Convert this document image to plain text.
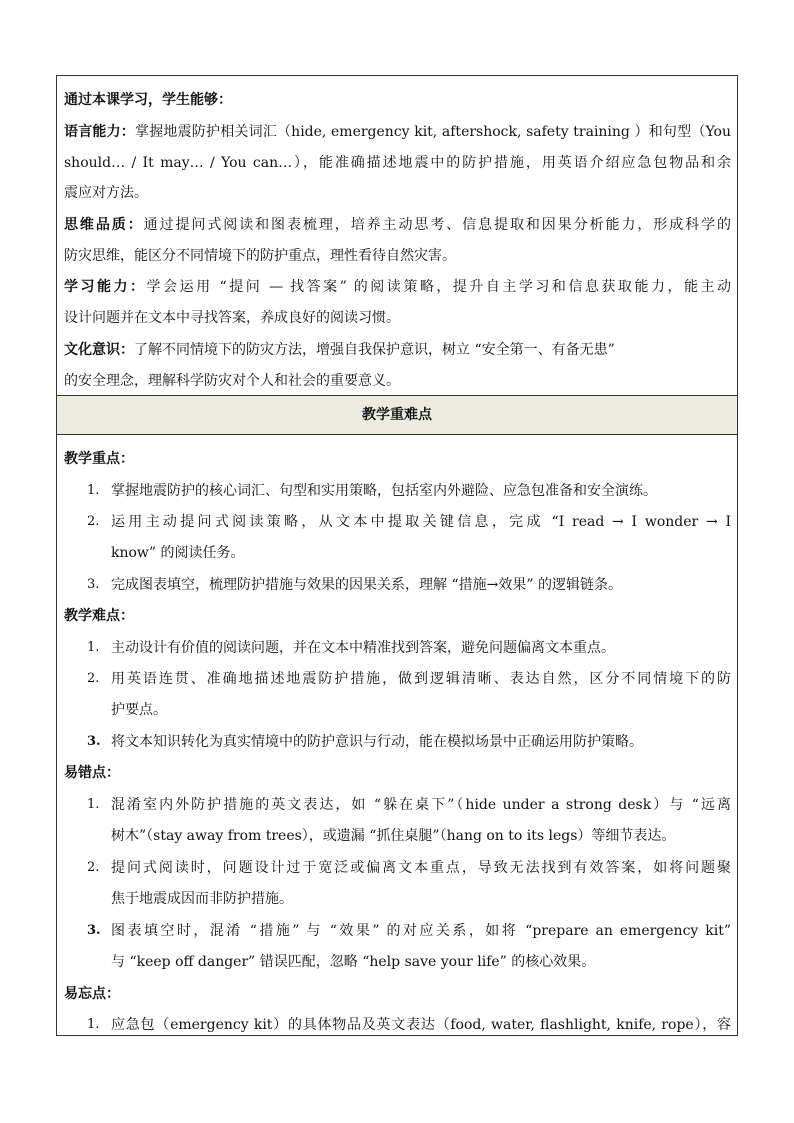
通过本课学习，学生能够：
语言能力：掌握地震防护相关词汇（hide, emergency kit, aftershock, safety training ）和句型（You
should… / It may… / You can…），能准确描述地震中的防护措施，用英语介绍应急包物品和余
震应对方法。
思维品质：通过提问式阅读和图表梳理，培养主动思考、信息提取和因果分析能力，形成科学的
防灾思维，能区分不同情境下的防护重点，理性看待自然灾害。
学习能力：学会运用 “提问 — 找答案” 的阅读策略，提升自主学习和信息获取能力，能主动
设计问题并在文本中寻找答案，养成良好的阅读习惯。
文化意识：了解不同情境下的防灾方法，增强自我保护意识，树立 “安全第一、有备无患”
的安全理念，理解科学防灾对个人和社会的重要意义。
教学重难点
教学重点：
1. 掌握地震防护的核心词汇、句型和实用策略，包括室内外避险、应急包准备和安全演练。
2. 运用主动提问式阅读策略，从文本中提取关键信息，完成 “I read → I wonder → I
know” 的阅读任务。
3. 完成图表填空，梳理防护措施与效果的因果关系，理解 “措施→效果” 的逻辑链条。
教学难点：
1. 主动设计有价值的阅读问题，并在文本中精准找到答案，避免问题偏离文本重点。
2. 用英语连贯、准确地描述地震防护措施，做到逻辑清晰、表达自然，区分不同情境下的防
护要点。
3. 将文本知识转化为真实情境中的防护意识与行动，能在模拟场景中正确运用防护策略。
易错点：
1. 混淆室内外防护措施的英文表达，如 “躲在桌下”（hide under a strong desk）与 “远离
树木”（stay away from trees），或遗漏 “抓住桌腿”（hang on to its legs）等细节表达。
2. 提问式阅读时，问题设计过于宽泛或偏离文本重点，导致无法找到有效答案，如将问题聚
焦于地震成因而非防护措施。
3. 图表填空时，混淆 “措施” 与 “效果” 的对应关系，如将 “prepare an emergency kit”
与 “keep off danger” 错误匹配，忽略 “help save your life” 的核心效果。
易忘点：
1. 应急包（emergency kit）的具体物品及英文表达（food, water, flashlight, knife, rope），容
